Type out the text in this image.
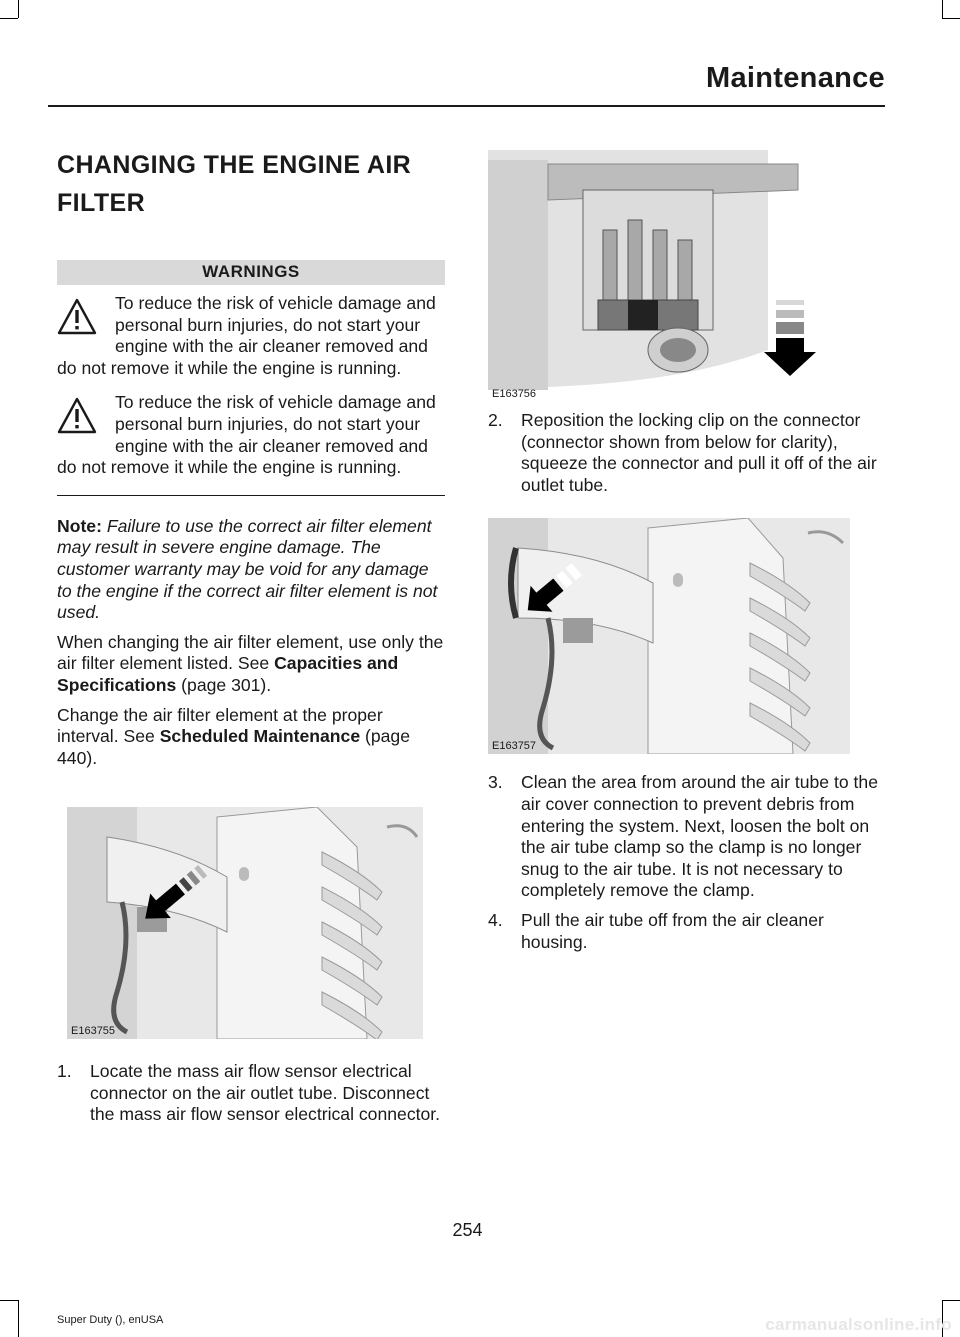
Maintenance
CHANGING THE ENGINE AIR FILTER
WARNINGS

To reduce the risk of vehicle damage and personal burn injuries, do not start your engine with the air cleaner removed and do not remove it while the engine is running.

To reduce the risk of vehicle damage and personal burn injuries, do not start your engine with the air cleaner removed and do not remove it while the engine is running.

Note: Failure to use the correct air filter element may result in severe engine damage. The customer warranty may be void for any damage to the engine if the correct air filter element is not used.
When changing the air filter element, use only the air filter element listed. See Capacities and Specifications (page 301).
Change the air filter element at the proper interval. See Scheduled Maintenance (page 440).
E163755
1. Locate the mass air flow sensor electrical connector on the air outlet tube. Disconnect the mass air flow sensor electrical connector.
E163756
2. Reposition the locking clip on the connector (connector shown from below for clarity), squeeze the connector and pull it off of the air outlet tube.
E163757
3. Clean the area from around the air tube to the air cover connection to prevent debris from entering the system. Next, loosen the bolt on the air tube clamp so the clamp is no longer snug to the air tube. It is not necessary to completely remove the clamp.
4. Pull the air tube off from the air cleaner housing.
254
Super Duty (), enUSA	carmanualsonline.info
